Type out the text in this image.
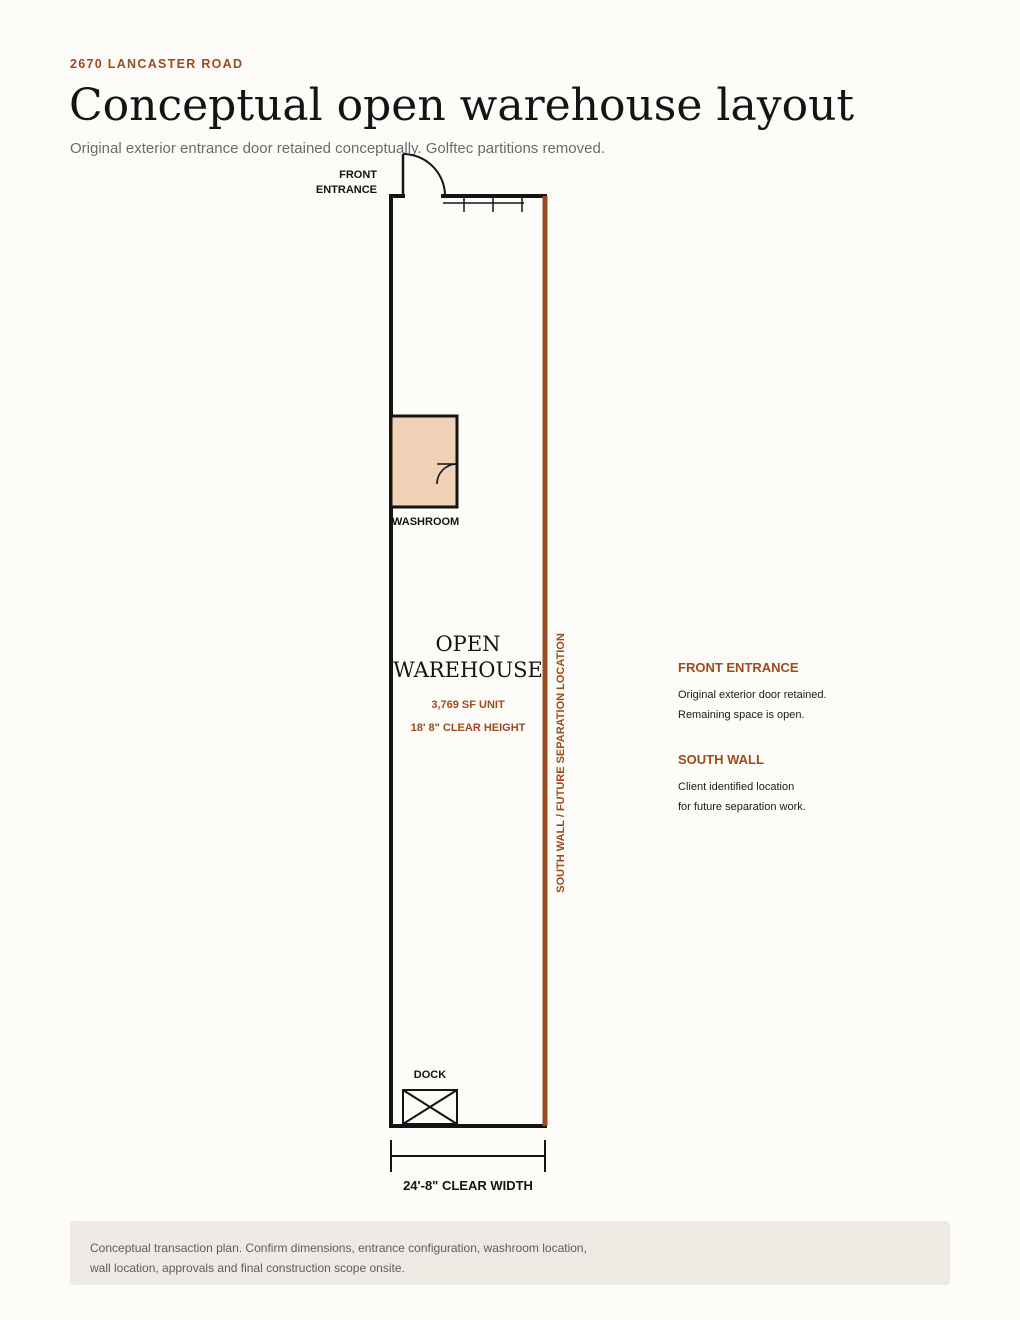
2670 LANCASTER ROAD
Conceptual open warehouse layout
Original exterior entrance door retained conceptually. Golftec partitions removed.
FRONT
ENTRANCE
WASHROOM
OPEN
WAREHOUSE
3,769 SF UNIT
18' 8" CLEAR HEIGHT	SOUTH WALL / FUTURE SEPARATION LOCATION
DOCK
24'-8" CLEAR WIDTH
FRONT ENTRANCE
Original exterior door retained.
Remaining space is open.
SOUTH WALL
Client identified location
for future separation work.
Conceptual transaction plan. Confirm dimensions, entrance configuration, washroom location,
wall location, approvals and final construction scope onsite.
